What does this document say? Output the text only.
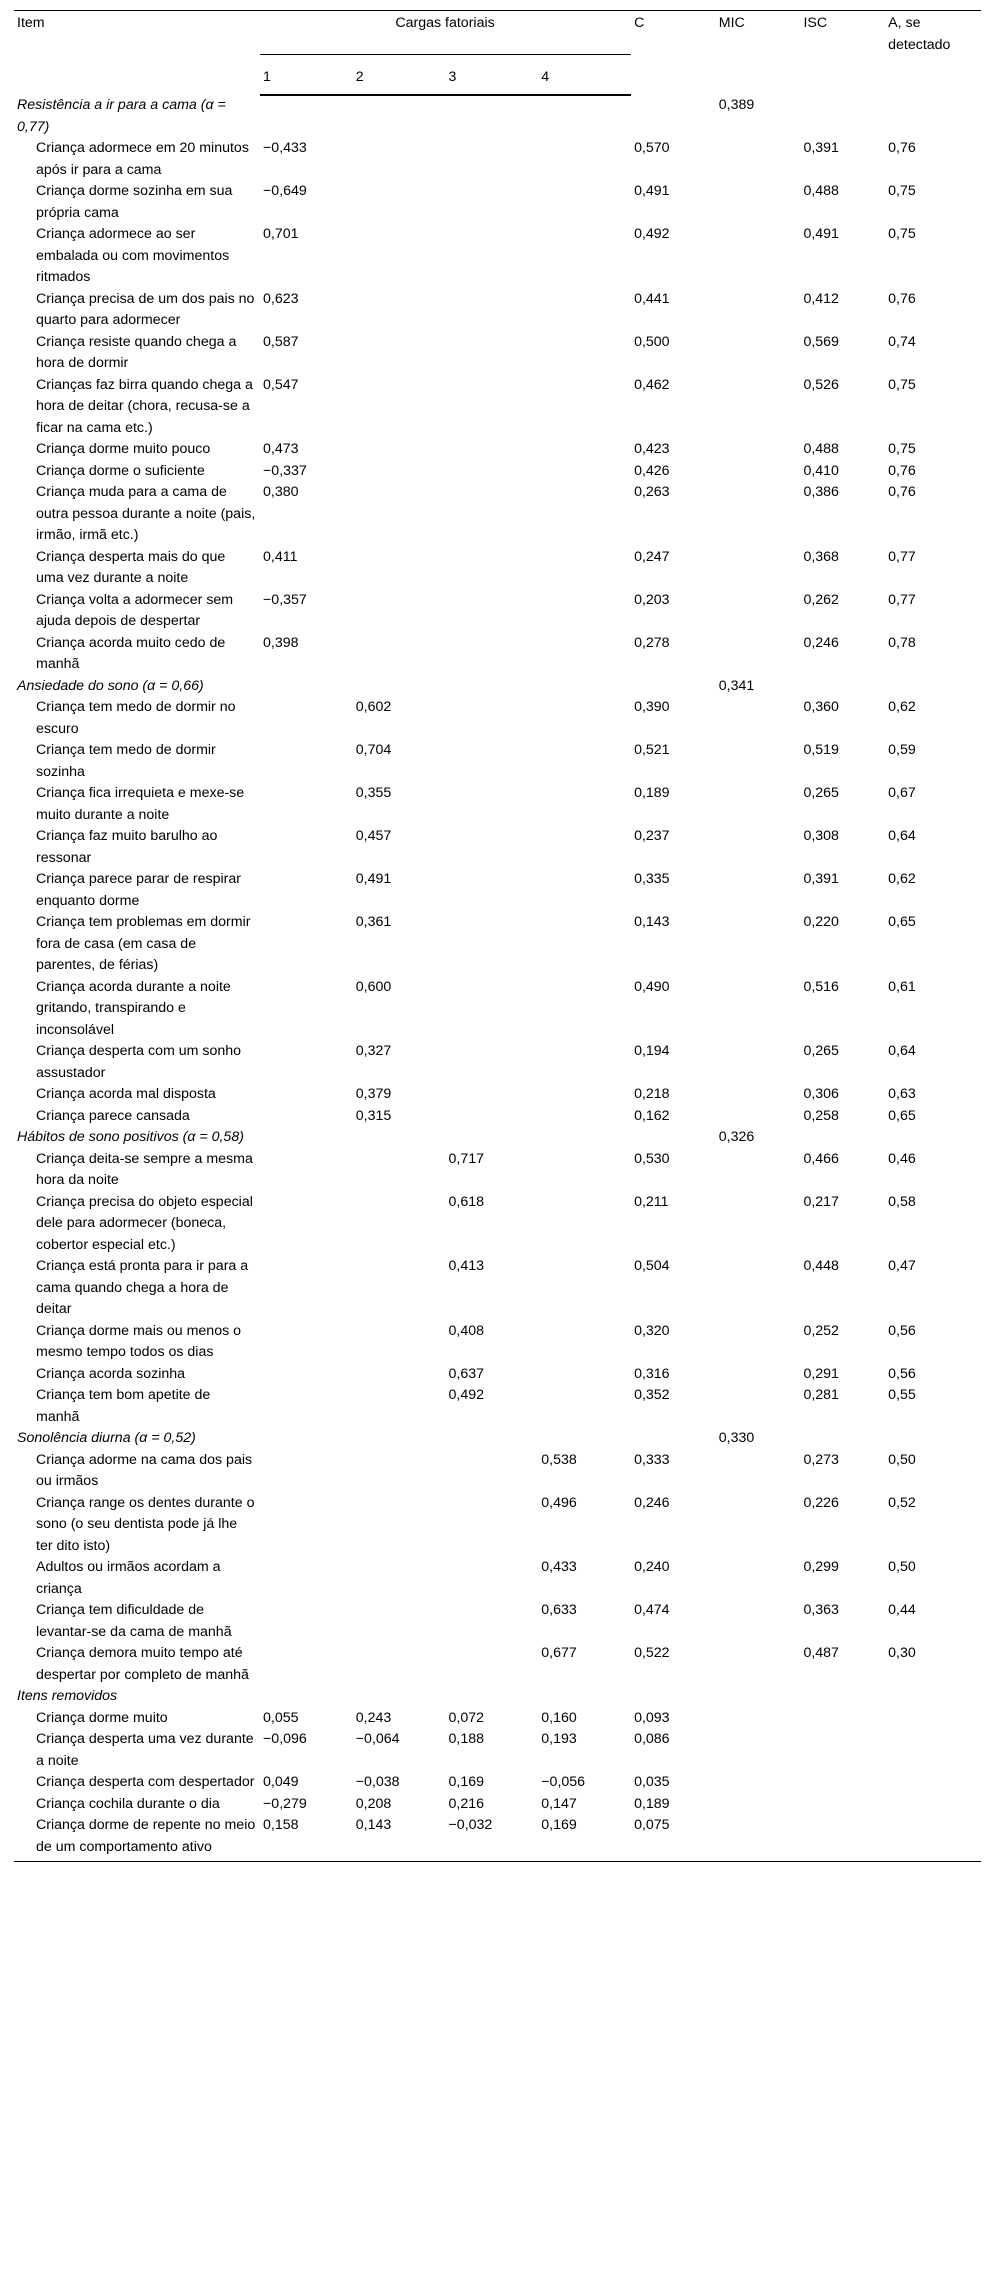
Item	Cargas fatoriais				C	MIC	ISC	A, se detectado
	1	2	3	4				
Resistência a ir para a cama (α = 0,77)						0,389		
Criança adormece em 20 minutos após ir para a cama	−0,433				0,570		0,391	0,76
Criança dorme sozinha em sua própria cama	−0,649				0,491		0,488	0,75
Criança adormece ao ser embalada ou com movimentos ritmados	0,701				0,492		0,491	0,75
Criança precisa de um dos pais no quarto para adormecer	0,623				0,441		0,412	0,76
Criança resiste quando chega a hora de dormir	0,587				0,500		0,569	0,74
Crianças faz birra quando chega a hora de deitar (chora, recusa-se a ficar na cama etc.)	0,547				0,462		0,526	0,75
Criança dorme muito pouco	0,473				0,423		0,488	0,75
Criança dorme o suficiente	−0,337				0,426		0,410	0,76
Criança muda para a cama de outra pessoa durante a noite (pais, irmão, irmã etc.)	0,380				0,263		0,386	0,76
Criança desperta mais do que uma vez durante a noite	0,411				0,247		0,368	0,77
Criança volta a adormecer sem ajuda depois de despertar	−0,357				0,203		0,262	0,77
Criança acorda muito cedo de manhã	0,398				0,278		0,246	0,78
Ansiedade do sono (α = 0,66)						0,341		
Criança tem medo de dormir no escuro		0,602			0,390		0,360	0,62
Criança tem medo de dormir sozinha		0,704			0,521		0,519	0,59
Criança fica irrequieta e mexe-se muito durante a noite		0,355			0,189		0,265	0,67
Criança faz muito barulho ao ressonar		0,457			0,237		0,308	0,64
Criança parece parar de respirar enquanto dorme		0,491			0,335		0,391	0,62
Criança tem problemas em dormir fora de casa (em casa de parentes, de férias)		0,361			0,143		0,220	0,65
Criança acorda durante a noite gritando, transpirando e inconsolável		0,600			0,490		0,516	0,61
Criança desperta com um sonho assustador		0,327			0,194		0,265	0,64
Criança acorda mal disposta		0,379			0,218		0,306	0,63
Criança parece cansada		0,315			0,162		0,258	0,65
Hábitos de sono positivos (α = 0,58)						0,326		
Criança deita-se sempre a mesma hora da noite			0,717		0,530		0,466	0,46
Criança precisa do objeto especial dele para adormecer (boneca, cobertor especial etc.)			0,618		0,211		0,217	0,58
Criança está pronta para ir para a cama quando chega a hora de deitar			0,413		0,504		0,448	0,47
Criança dorme mais ou menos o mesmo tempo todos os dias			0,408		0,320		0,252	0,56
Criança acorda sozinha			0,637		0,316		0,291	0,56
Criança tem bom apetite de manhã			0,492		0,352		0,281	0,55
Sonolência diurna (α = 0,52)						0,330		
Criança adorme na cama dos pais ou irmãos				0,538	0,333		0,273	0,50
Criança range os dentes durante o sono (o seu dentista pode já lhe ter dito isto)				0,496	0,246		0,226	0,52
Adultos ou irmãos acordam a criança				0,433	0,240		0,299	0,50
Criança tem dificuldade de levantar-se da cama de manhã				0,633	0,474		0,363	0,44
Criança demora muito tempo até despertar por completo de manhã				0,677	0,522		0,487	0,30
Itens removidos								
Criança dorme muito	0,055	0,243	0,072	0,160	0,093			
Criança desperta uma vez durante a noite	−0,096	−0,064	0,188	0,193	0,086			
Criança desperta com despertador	0,049	−0,038	0,169	−0,056	0,035			
Criança cochila durante o dia	−0,279	0,208	0,216	0,147	0,189			
Criança dorme de repente no meio de um comportamento ativo	0,158	0,143	−0,032	0,169	0,075			
